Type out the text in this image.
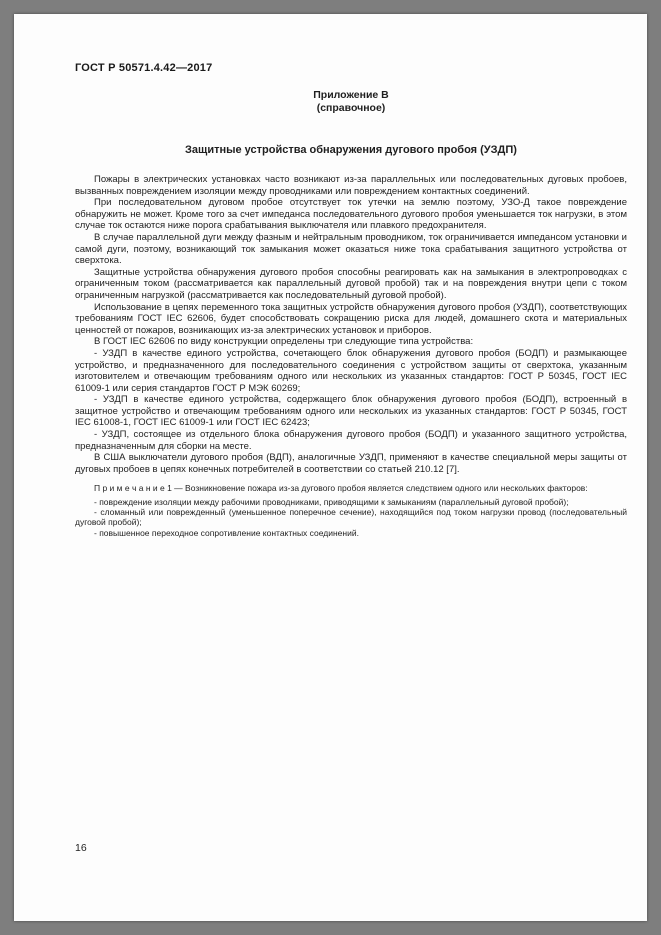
ГОСТ Р 50571.4.42—2017
Приложение В
(справочное)
Защитные устройства обнаружения дугового пробоя (УЗДП)

Пожары в электрических установках часто возникают из-за параллельных или последовательных дуговых пробоев, вызванных повреждением изоляции между проводниками или повреждением контактных соединений.

При последовательном дуговом пробое отсутствует ток утечки на землю поэтому, УЗО-Д такое повреждение обнаружить не может. Кроме того за счет импеданса последовательного дугового пробоя уменьшается ток нагрузки, в этом случае ток остаются ниже порога срабатывания выключателя или плавкого предохранителя.

В случае параллельной дуги между фазным и нейтральным проводником, ток ограничивается импедансом установки и самой дуги, поэтому, возникающий ток замыкания может оказаться ниже тока срабатывания защитного устройства от сверхтока.

Защитные устройства обнаружения дугового пробоя способны реагировать как на замыкания в электропроводках с ограниченным током (рассматривается как параллельный дуговой пробой) так и на повреждения внутри цепи с током ограниченным нагрузкой (рассматривается как последовательный дуговой пробой).

Использование в цепях переменного тока защитных устройств обнаружения дугового пробоя (УЗДП), соответствующих требованиям ГОСТ IEC 62606, будет способствовать сокращению риска для людей, домашнего скота и материальных ценностей от пожаров, возникающих из-за электрических установок и приборов.

В ГОСТ IEC 62606 по виду конструкции определены три следующие типа устройства:

- УЗДП в качестве единого устройства, сочетающего блок обнаружения дугового пробоя (БОДП) и размыкающее устройство, и предназначенного для последовательного соединения с устройством защиты от сверхтока, указанным изготовителем и отвечающим требованиям одного или нескольких из указанных стандартов: ГОСТ Р 50345, ГОСТ IEC 61009-1 или серия стандартов ГОСТ Р МЭК 60269;

- УЗДП в качестве единого устройства, содержащего блок обнаружения дугового пробоя (БОДП), встроенный в защитное устройство и отвечающим требованиям одного или нескольких из указанных стандартов: ГОСТ Р 50345, ГОСТ IEC 61008-1, ГОСТ IEC 61009-1 или ГОСТ IEC 62423;

- УЗДП, состоящее из отдельного блока обнаружения дугового пробоя (БОДП) и указанного защитного устройства, предназначенным для сборки на месте.

В США выключатели дугового пробоя (ВДП), аналогичные УЗДП, применяют в качестве специальной меры защиты от дуговых пробоев в цепях конечных потребителей в соответствии со статьей 210.12 [7].

П р и м е ч а н и е 1 — Возникновение пожара из-за дугового пробоя является следствием одного или нескольких факторов:

- повреждение изоляции между рабочими проводниками, приводящими к замыканиям (параллельный дуговой пробой);

- сломанный или поврежденный (уменьшенное поперечное сечение), находящийся под током нагрузки провод (последовательный дуговой пробой);

- повышенное переходное сопротивление контактных соединений.

16
